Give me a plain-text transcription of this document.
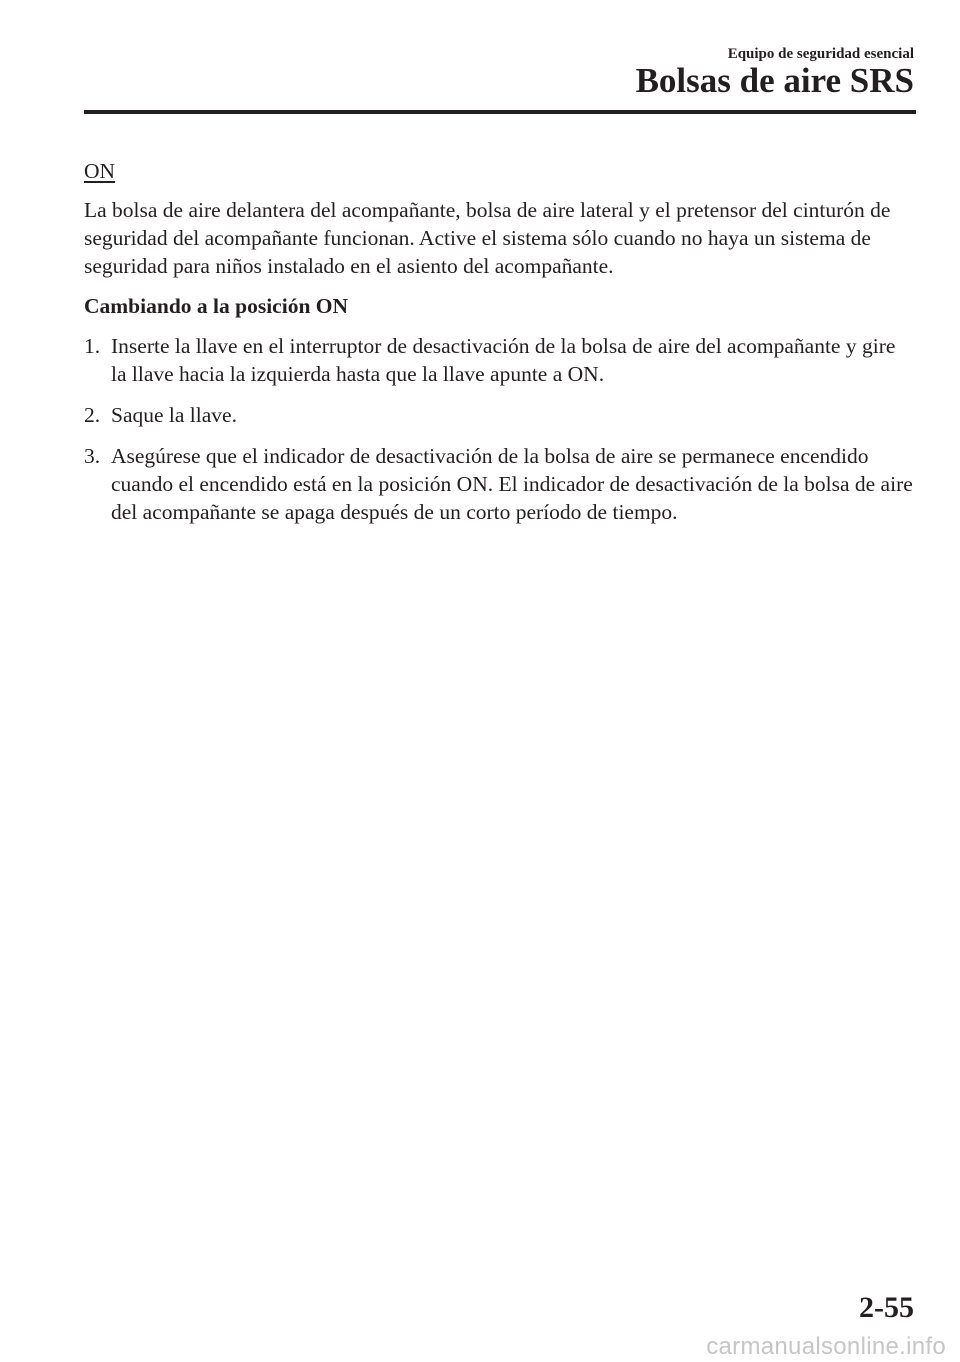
Equipo de seguridad esencial
Bolsas de aire SRS
ON

La bolsa de aire delantera del acompañante, bolsa de aire lateral y el pretensor del cinturón de seguridad del acompañante funcionan. Active el sistema sólo cuando no haya un sistema de seguridad para niños instalado en el asiento del acompañante.

Cambiando a la posición ON

1. Inserte la llave en el interruptor de desactivación de la bolsa de aire del acompañante y gire la llave hacia la izquierda hasta que la llave apunte a ON.
2. Saque la llave.
3. Asegúrese que el indicador de desactivación de la bolsa de aire se permanece encendido cuando el encendido está en la posición ON. El indicador de desactivación de la bolsa de aire del acompañante se apaga después de un corto período de tiempo.
2-55
carmanualsonline.info
